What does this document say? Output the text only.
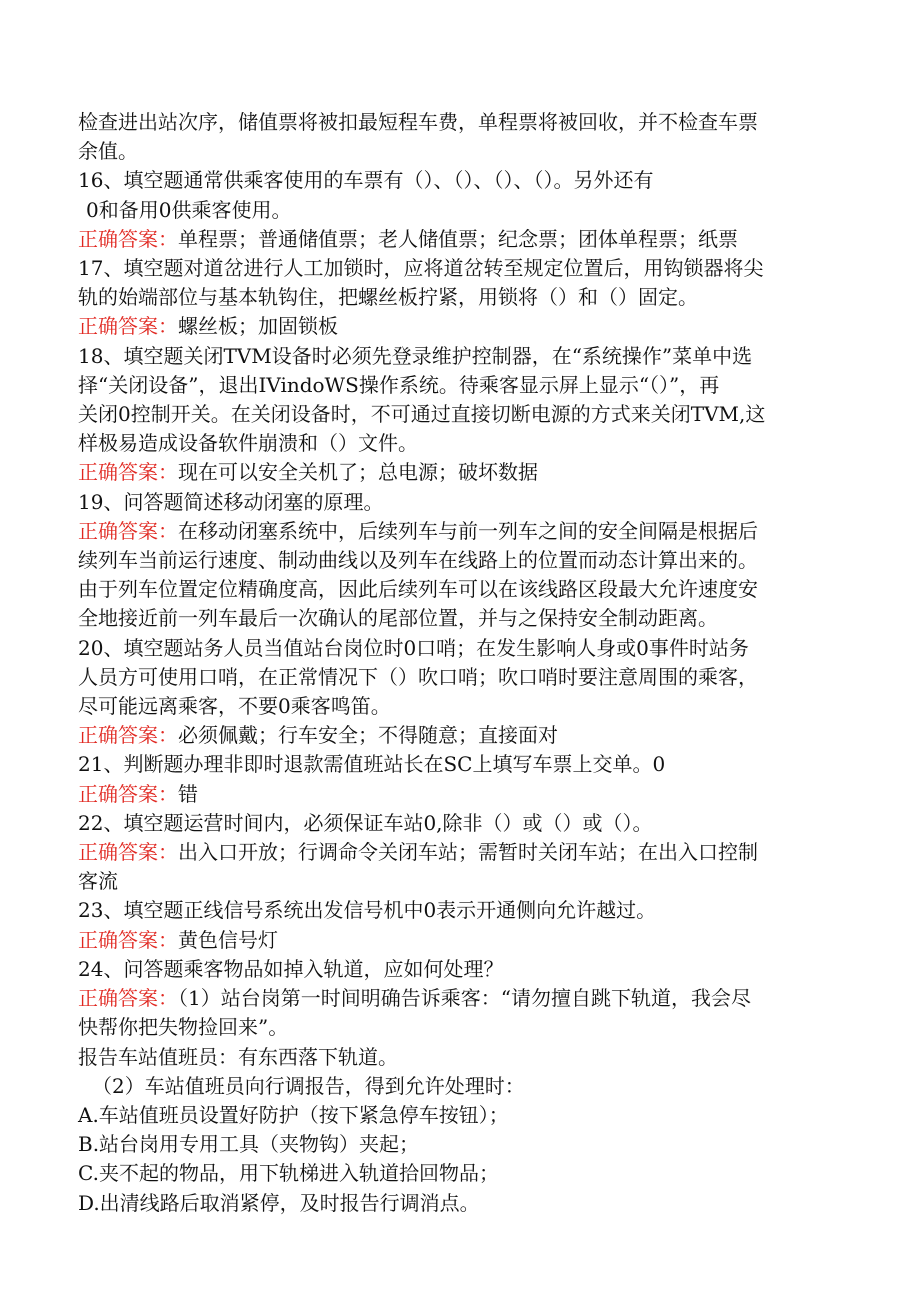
检查进出站次序，储值票将被扣最短程车费，单程票将被回收，并不检查车票
余值。
16、填空题通常供乘客使用的车票有（）、（）、（）、（）。另外还有
0和备用0供乘客使用。
正确答案：单程票；普通储值票；老人储值票；纪念票；团体单程票；纸票
17、填空题对道岔进行人工加锁时，应将道岔转至规定位置后，用钩锁器将尖
轨的始端部位与基本轨钩住，把螺丝板拧紧，用锁将（）和（）固定。
正确答案：螺丝板；加固锁板
18、填空题关闭TVM设备时必须先登录维护控制器，在“系统操作”菜单中选
择“关闭设备”，退出IVindoWS操作系统。待乘客显示屏上显示“（）”，再
关闭0控制开关。在关闭设备时，不可通过直接切断电源的方式来关闭TVM,这
样极易造成设备软件崩溃和（）文件。
正确答案：现在可以安全关机了；总电源；破坏数据
19、问答题简述移动闭塞的原理。
正确答案：在移动闭塞系统中，后续列车与前一列车之间的安全间隔是根据后
续列车当前运行速度、制动曲线以及列车在线路上的位置而动态计算出来的。
由于列车位置定位精确度高，因此后续列车可以在该线路区段最大允许速度安
全地接近前一列车最后一次确认的尾部位置，并与之保持安全制动距离。
20、填空题站务人员当值站台岗位时0口哨；在发生影响人身或0事件时站务
人员方可使用口哨，在正常情况下（）吹口哨；吹口哨时要注意周围的乘客，
尽可能远离乘客，不要0乘客鸣笛。
正确答案：必须佩戴；行车安全；不得随意；直接面对
21、判断题办理非即时退款需值班站长在SC上填写车票上交单。0
正确答案：错
22、填空题运营时间内，必须保证车站0,除非（）或（）或（）。
正确答案：出入口开放；行调命令关闭车站；需暂时关闭车站；在出入口控制
客流
23、填空题正线信号系统出发信号机中0表示开通侧向允许越过。
正确答案：黄色信号灯
24、问答题乘客物品如掉入轨道，应如何处理？
正确答案：（1）站台岗第一时间明确告诉乘客：“请勿擅自跳下轨道，我会尽
快帮你把失物捡回来”。
报告车站值班员：有东西落下轨道。
（2）车站值班员向行调报告，得到允许处理时：
A.车站值班员设置好防护（按下紧急停车按钮）；
B.站台岗用专用工具（夹物钩）夹起；
C.夹不起的物品，用下轨梯进入轨道拾回物品；
D.出清线路后取消紧停，及时报告行调消点。
